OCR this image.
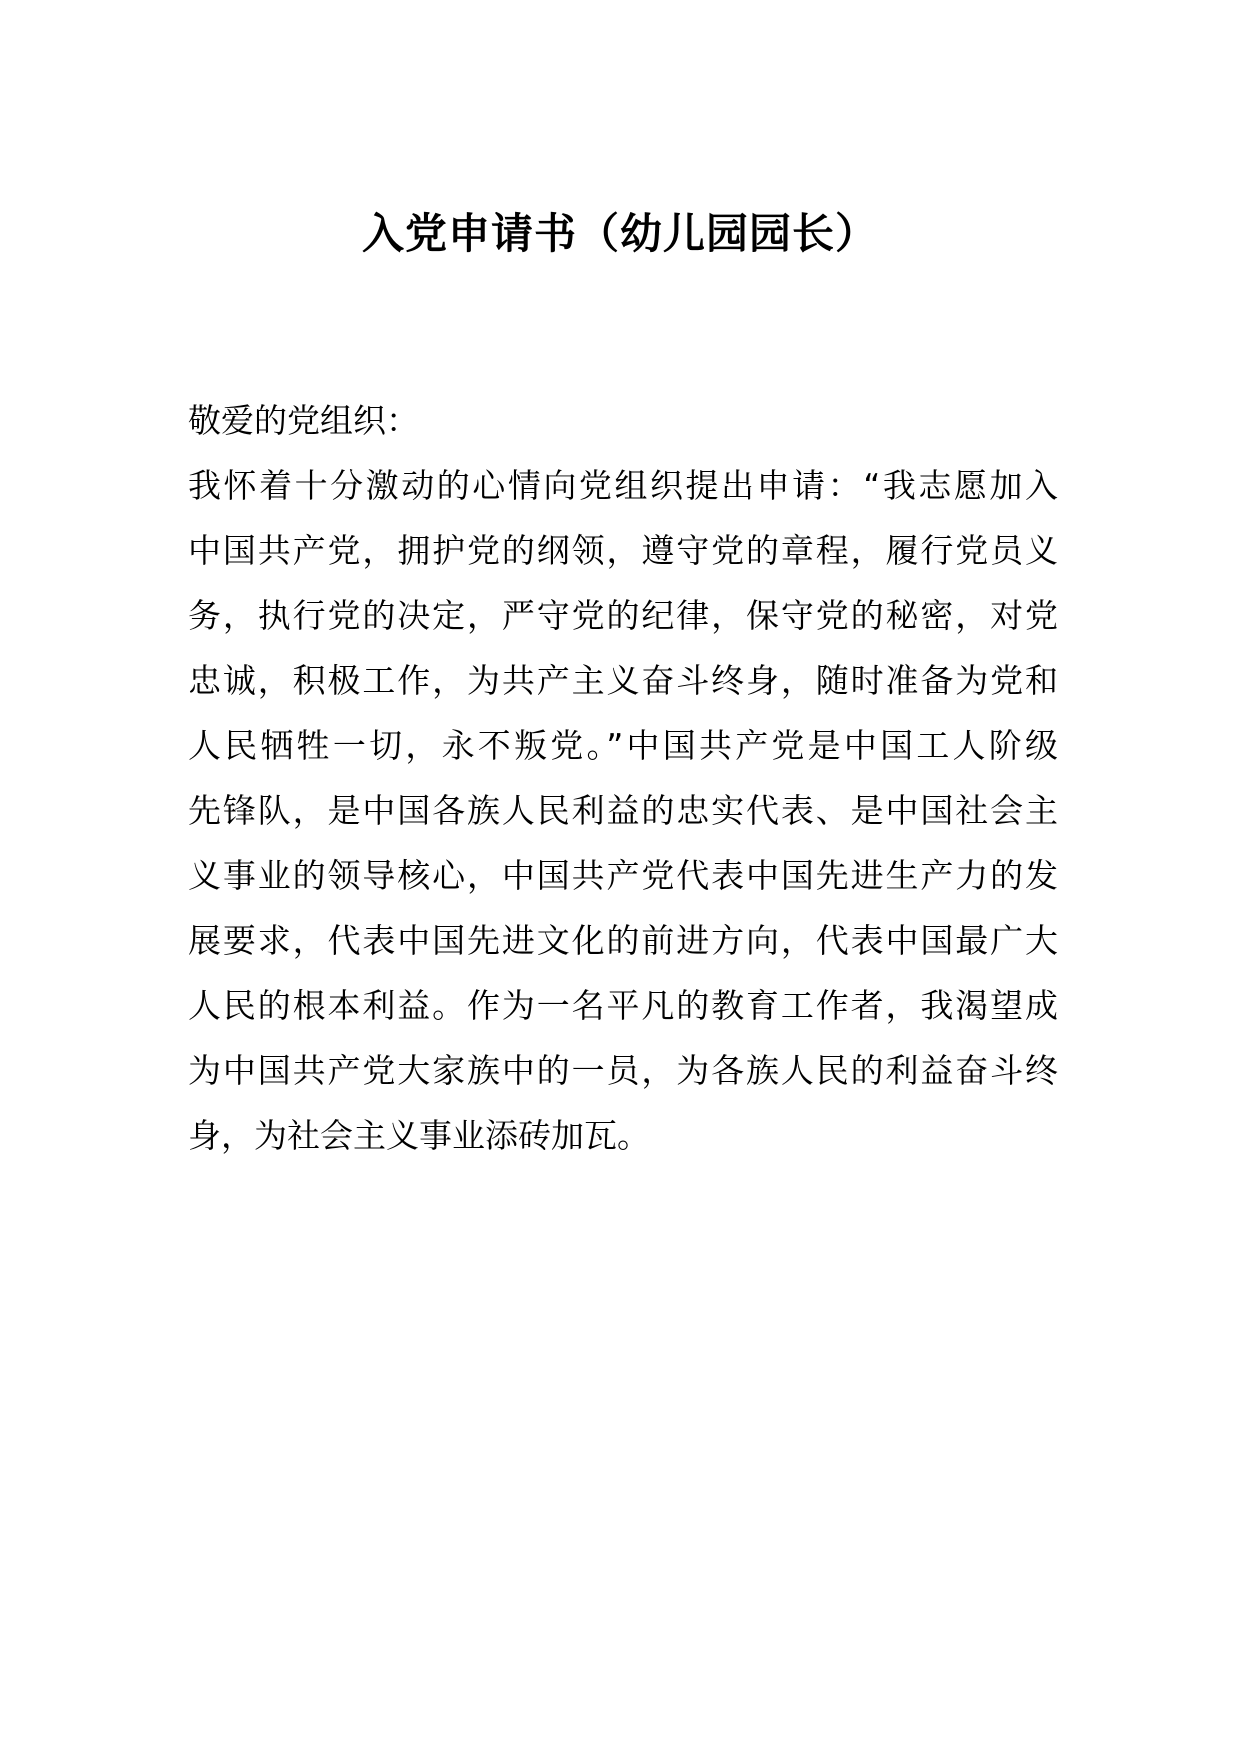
入党申请书（幼儿园园长）

敬爱的党组织：

我怀着十分激动的心情向党组织提出申请：“我志愿加入

中国共产党，拥护党的纲领，遵守党的章程，履行党员义

务，执行党的决定，严守党的纪律，保守党的秘密，对党

忠诚，积极工作，为共产主义奋斗终身，随时准备为党和

人民牺牲一切，永不叛党。”中国共产党是中国工人阶级

先锋队，是中国各族人民利益的忠实代表、是中国社会主

义事业的领导核心，中国共产党代表中国先进生产力的发

展要求，代表中国先进文化的前进方向，代表中国最广大

人民的根本利益。作为一名平凡的教育工作者，我渴望成

为中国共产党大家族中的一员，为各族人民的利益奋斗终

身，为社会主义事业添砖加瓦。
